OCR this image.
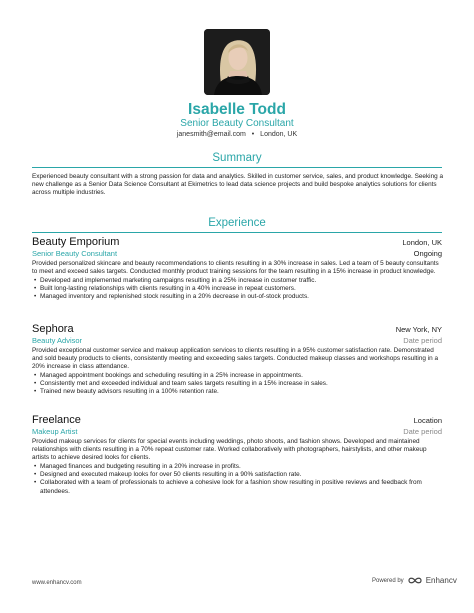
Isabelle Todd
Senior Beauty Consultant
janesmith@email.com • London, UK
Summary
Experienced beauty consultant with a strong passion for data and analytics. Skilled in customer service, sales, and product knowledge. Seeking a new challenge as a Senior Data Science Consultant at Ekimetrics to lead data science projects and build bespoke analytics solutions for clients across multiple industries.
Experience
Beauty Emporium	London, UK
Senior Beauty Consultant	Ongoing
Provided personalized skincare and beauty recommendations to clients resulting in a 30% increase in sales. Led a team of 5 beauty consultants to meet and exceed sales targets. Conducted monthly product training sessions for the team resulting in a 15% increase in product knowledge.
• Developed and implemented marketing campaigns resulting in a 25% increase in customer traffic.
• Built long-lasting relationships with clients resulting in a 40% increase in repeat customers.
• Managed inventory and replenished stock resulting in a 20% decrease in out-of-stock products.
Sephora	New York, NY
Beauty Advisor	Date period
Provided exceptional customer service and makeup application services to clients resulting in a 95% customer satisfaction rate. Demonstrated and sold beauty products to clients, consistently meeting and exceeding sales targets. Conducted makeup classes and workshops resulting in a 20% increase in class attendance.
• Managed appointment bookings and scheduling resulting in a 25% increase in appointments.
• Consistently met and exceeded individual and team sales targets resulting in a 15% increase in sales.
• Trained new beauty advisors resulting in a 100% retention rate.
Freelance	Location
Makeup Artist	Date period
Provided makeup services for clients for special events including weddings, photo shoots, and fashion shows. Developed and maintained relationships with clients resulting in a 70% repeat customer rate. Worked collaboratively with photographers, hairstylists, and other makeup artists to achieve desired looks for clients.
• Managed finances and budgeting resulting in a 20% increase in profits.
• Designed and executed makeup looks for over 50 clients resulting in a 90% satisfaction rate.
• Collaborated with a team of professionals to achieve a cohesive look for a fashion show resulting in positive reviews and feedback from attendees.
www.enhancv.com	Powered by	Enhancv
